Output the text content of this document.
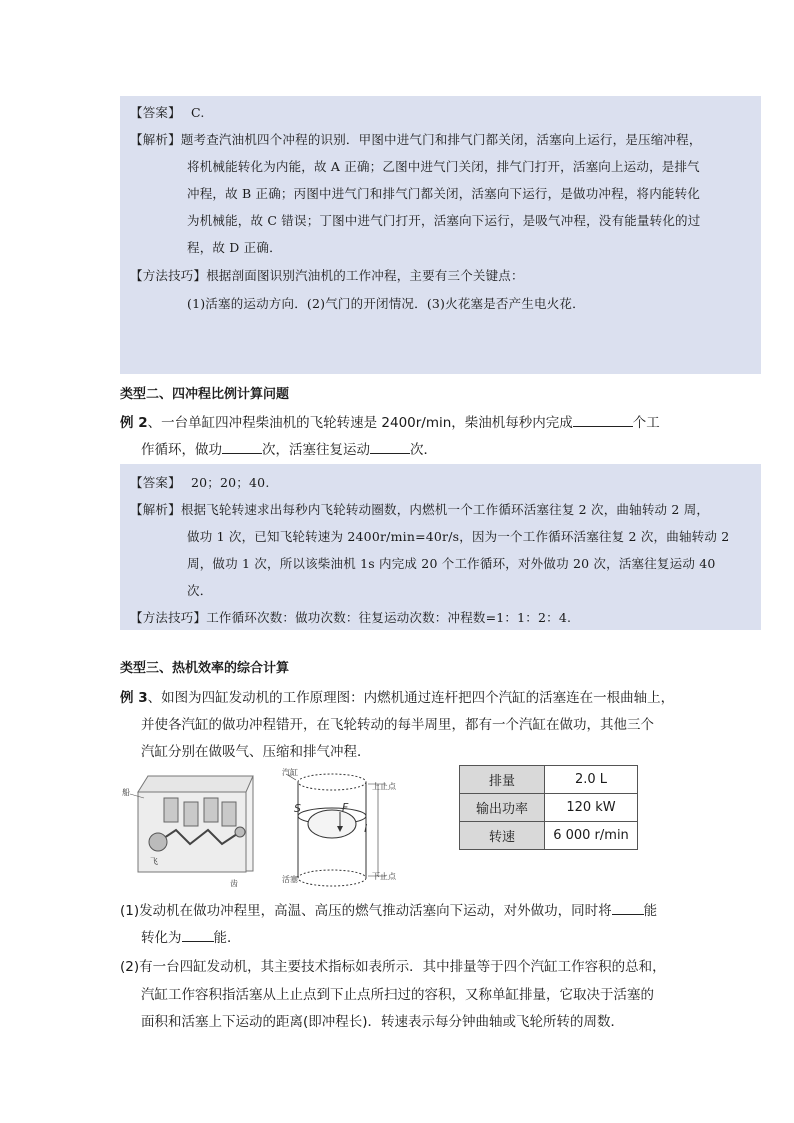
【答案】 C.
【解析】题考查汽油机四个冲程的识别．甲图中进气门和排气门都关闭，活塞向上运行，是压缩冲程，
将机械能转化为内能，故 A 正确；乙图中进气门关闭，排气门打开，活塞向上运动，是排气
冲程，故 B 正确；丙图中进气门和排气门都关闭，活塞向下运行，是做功冲程，将内能转化
为机械能，故 C 错误；丁图中进气门打开，活塞向下运行，是吸气冲程，没有能量转化的过
程，故 D 正确．
【方法技巧】根据剖面图识别汽油机的工作冲程，主要有三个关键点：
(1)活塞的运动方向．(2)气门的开闭情况．(3)火花塞是否产生电火花．
类型二、四冲程比例计算问题
例 2、一台单缸四冲程柴油机的飞轮转速是 2400r/min，柴油机每秒内完成	个工
作循环，做功	次，活塞往复运动	次．
【答案】 20；20；40.
【解析】根据飞轮转速求出每秒内飞轮转动圈数，内燃机一个工作循环活塞往复 2 次，曲轴转动 2 周，
做功 1 次，已知飞轮转速为 2400r/min=40r/s，因为一个工作循环活塞往复 2 次，曲轴转动 2
周，做功 1 次，所以该柴油机 1s 内完成 20 个工作循环，对外做功 20 次，活塞往复运动 40
次．
【方法技巧】工作循环次数：做功次数：往复运动次数：冲程数=1：1：2：4.
类型三、热机效率的综合计算
例 3、如图为四缸发动机的工作原理图：内燃机通过连杆把四个汽缸的活塞连在一根曲轴上，
并使各汽缸的做功冲程错开，在飞轮转动的每半周里，都有一个汽缸在做功，其他三个
汽缸分别在做吸气、压缩和排气冲程．
船
飞
齿
汽缸
活塞
上止点
下止点
S	F
l
排量	2.0 L
输出功率	120 kW
转速	6 000 r/min
(1)发动机在做功冲程里，高温、高压的燃气推动活塞向下运动，对外做功，同时将 能
转化为 能．
(2)有一台四缸发动机，其主要技术指标如表所示．其中排量等于四个汽缸工作容积的总和，
汽缸工作容积指活塞从上止点到下止点所扫过的容积，又称单缸排量，它取决于活塞的
面积和活塞上下运动的距离(即冲程长)．转速表示每分钟曲轴或飞轮所转的周数．
